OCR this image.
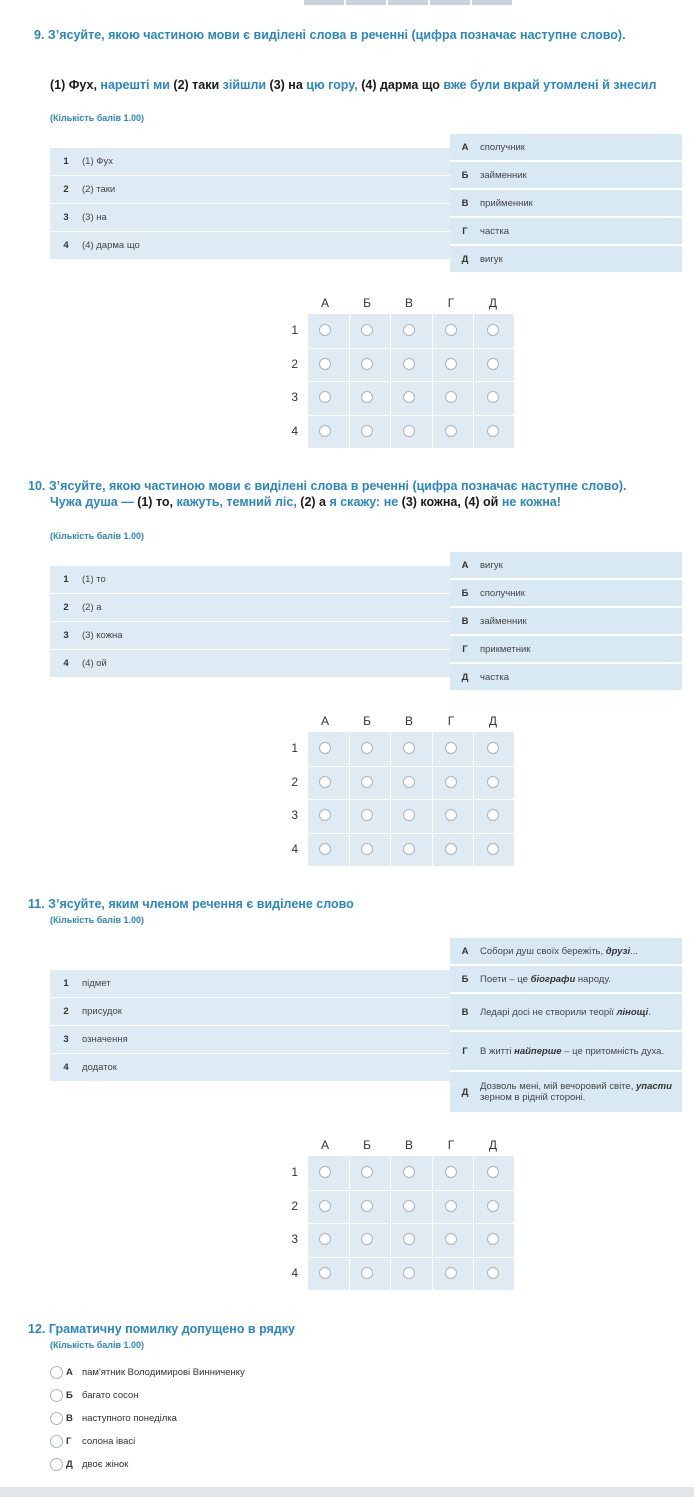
9. З’ясуйте, якою частиною мови є виділені слова в реченні (цифра позначає наступне слово).
(1) Фух, нарешті ми (2) таки зійшли (3) на цю гору, (4) дарма що вже були вкрай утомлені й знесил
(Кількість балів 1.00)
1	(1) Фух
2	(2) таки
3	(3) на
4	(4) дарма що
А	сполучник
Б	займенник
В	прийменник
Г	частка
Д	вигук
А	Б	В	Г	Д
1
2
3
4
10. З’ясуйте, якою частиною мови є виділені слова в реченні (цифра позначає наступне слово).
Чужа душа — (1) то, кажуть, темний ліс, (2) а я скажу: не (3) кожна, (4) ой не кожна!
(Кількість балів 1.00)
1	(1) то
2	(2) а
3	(3) кожна
4	(4) ой
А	вигук
Б	сполучник
В	займенник
Г	прикметник
Д	частка
А	Б	В	Г	Д
1
2
3
4
11. З’ясуйте, яким членом речення є виділене слово
(Кількість балів 1.00)
1	підмет
2	присудок
3	означення
4	додаток
А	Собори душ своїх бережіть, друзі...
Б	Поети – це біографи народу.
В	Ледарі досі не створили теорії лінощі.
Г	В житті найперше – це притомність духа.
Д	Дозволь мені, мій вечоровий світе, упасти зерном в рідній стороні.
А	Б	В	Г	Д
1
2
3
4
12. Граматичну помилку допущено в рядку
(Кількість балів 1.00)
А пам'ятник Володимирові Винниченку
Б багато сосон
В наступного понеділка
Г	солона івасі
Д двоє жінок
